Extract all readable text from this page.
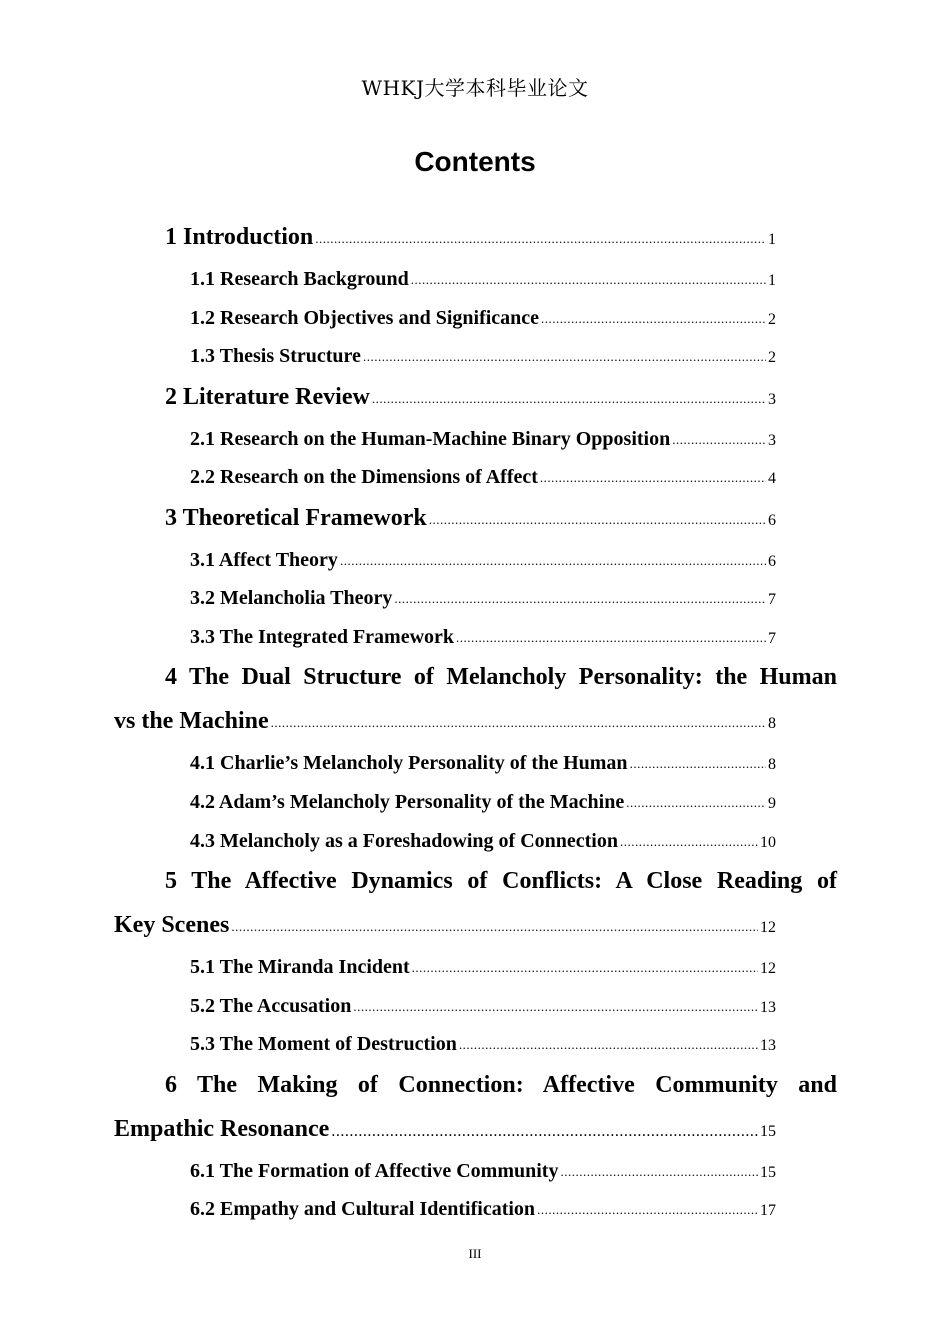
WHKJ大学本科毕业论文
Contents
1 Introduction .....	1
1.1 Research Background .....	1
1.2 Research Objectives and Significance .....	2
1.3 Thesis Structure .....	2
2 Literature Review .....	3
2.1 Research on the Human-Machine Binary Opposition .....	3
2.2 Research on the Dimensions of Affect .....	4
3 Theoretical Framework .....	6
3.1 Affect Theory .....	6
3.2 Melancholia Theory .....	7
3.3 The Integrated Framework .....	7
4 The Dual Structure of Melancholy Personality: the Human
vs the Machine .....	8
4.1 Charlie’s Melancholy Personality of the Human .....	8
4.2 Adam’s Melancholy Personality of the Machine .....	9
4.3 Melancholy as a Foreshadowing of Connection .....	10
5 The Affective Dynamics of Conflicts: A Close Reading of
Key Scenes .....	12
5.1 The Miranda Incident .....	12
5.2 The Accusation .....	13
5.3 The Moment of Destruction .....	13
6 The Making of Connection: Affective Community and
Empathic Resonance .....	15
6.1 The Formation of Affective Community .....	15
6.2 Empathy and Cultural Identification .....	17
III
